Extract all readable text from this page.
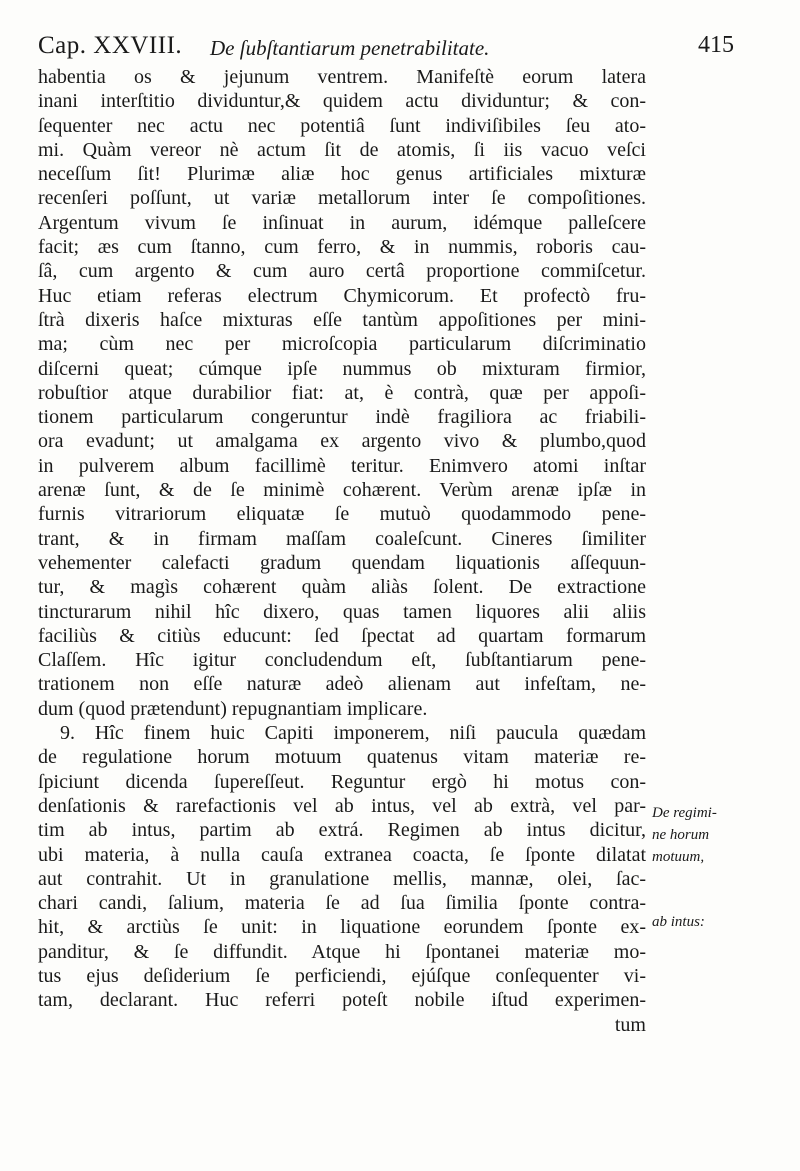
Cap. XXVIII. De ſubſtantiarum penetrabilitate.	415
habentia os & jejunum ventrem. Manifeſtè eorum latera
inani interſtitio dividuntur,& quidem actu dividuntur; & con-
ſequenter nec actu nec potentiâ ſunt indiviſibiles ſeu ato-
mi. Quàm vereor nè actum ſit de atomis, ſi iis vacuo veſci
neceſſum ſit! Plurimæ aliæ hoc genus artificiales mixturæ
recenſeri poſſunt, ut variæ metallorum inter ſe compoſitiones.
Argentum vivum ſe inſinuat in aurum, idémque palleſcere
facit; æs cum ſtanno, cum ferro, & in nummis, roboris cau-
ſâ, cum argento & cum auro certâ proportione commiſcetur.
Huc etiam referas electrum Chymicorum. Et profectò fru-
ſtrà dixeris haſce mixturas eſſe tantùm appoſitiones per mini-
ma; cùm nec per microſcopia particularum diſcriminatio
diſcerni queat; cúmque ipſe nummus ob mixturam firmior,
robuſtior atque durabilior fiat: at, è contrà, quæ per appoſi-
tionem particularum congeruntur indè fragiliora ac friabili-
ora evadunt; ut amalgama ex argento vivo & plumbo,quod
in pulverem album facillimè teritur. Enimvero atomi inſtar
arenæ ſunt, & de ſe minimè cohærent. Verùm arenæ ipſæ in
furnis vitrariorum eliquatæ ſe mutuò quodammodo pene-
trant, & in firmam maſſam coaleſcunt. Cineres ſimiliter
vehementer calefacti gradum quendam liquationis aſſequun-
tur, & magìs cohærent quàm aliàs ſolent. De extractione
tincturarum nihil hîc dixero, quas tamen liquores alii aliis
faciliùs & citiùs educunt: ſed ſpectat ad quartam formarum
Claſſem. Hîc igitur concludendum eſt, ſubſtantiarum pene-
trationem non eſſe naturæ adeò alienam aut infeſtam, ne-
dum (quod prætendunt) repugnantiam implicare.
9. Hîc finem huic Capiti imponerem, niſi paucula quædam
de regulatione horum motuum quatenus vitam materiæ re-
ſpiciunt dicenda ſupereſſeut. Reguntur ergò hi motus con-
denſationis & rarefactionis vel ab intus, vel ab extrà, vel par-
tim ab intus, partim ab extrá. Regimen ab intus dicitur,
ubi materia, à nulla cauſa extranea coacta, ſe ſponte dilatat
aut contrahit. Ut in granulatione mellis, mannæ, olei, ſac-
chari candi, ſalium, materia ſe ad ſua ſimilia ſponte contra-
hit, & arctiùs ſe unit: in liquatione eorundem ſponte ex-
panditur, & ſe diffundit. Atque hi ſpontanei materiæ mo-
tus ejus deſiderium ſe perficiendi, ejúſque conſequenter vi-
tam, declarant. Huc referri poteſt nobile iſtud experimen-
tum
De regimi-
ne horum
motuum,
ab intus:
